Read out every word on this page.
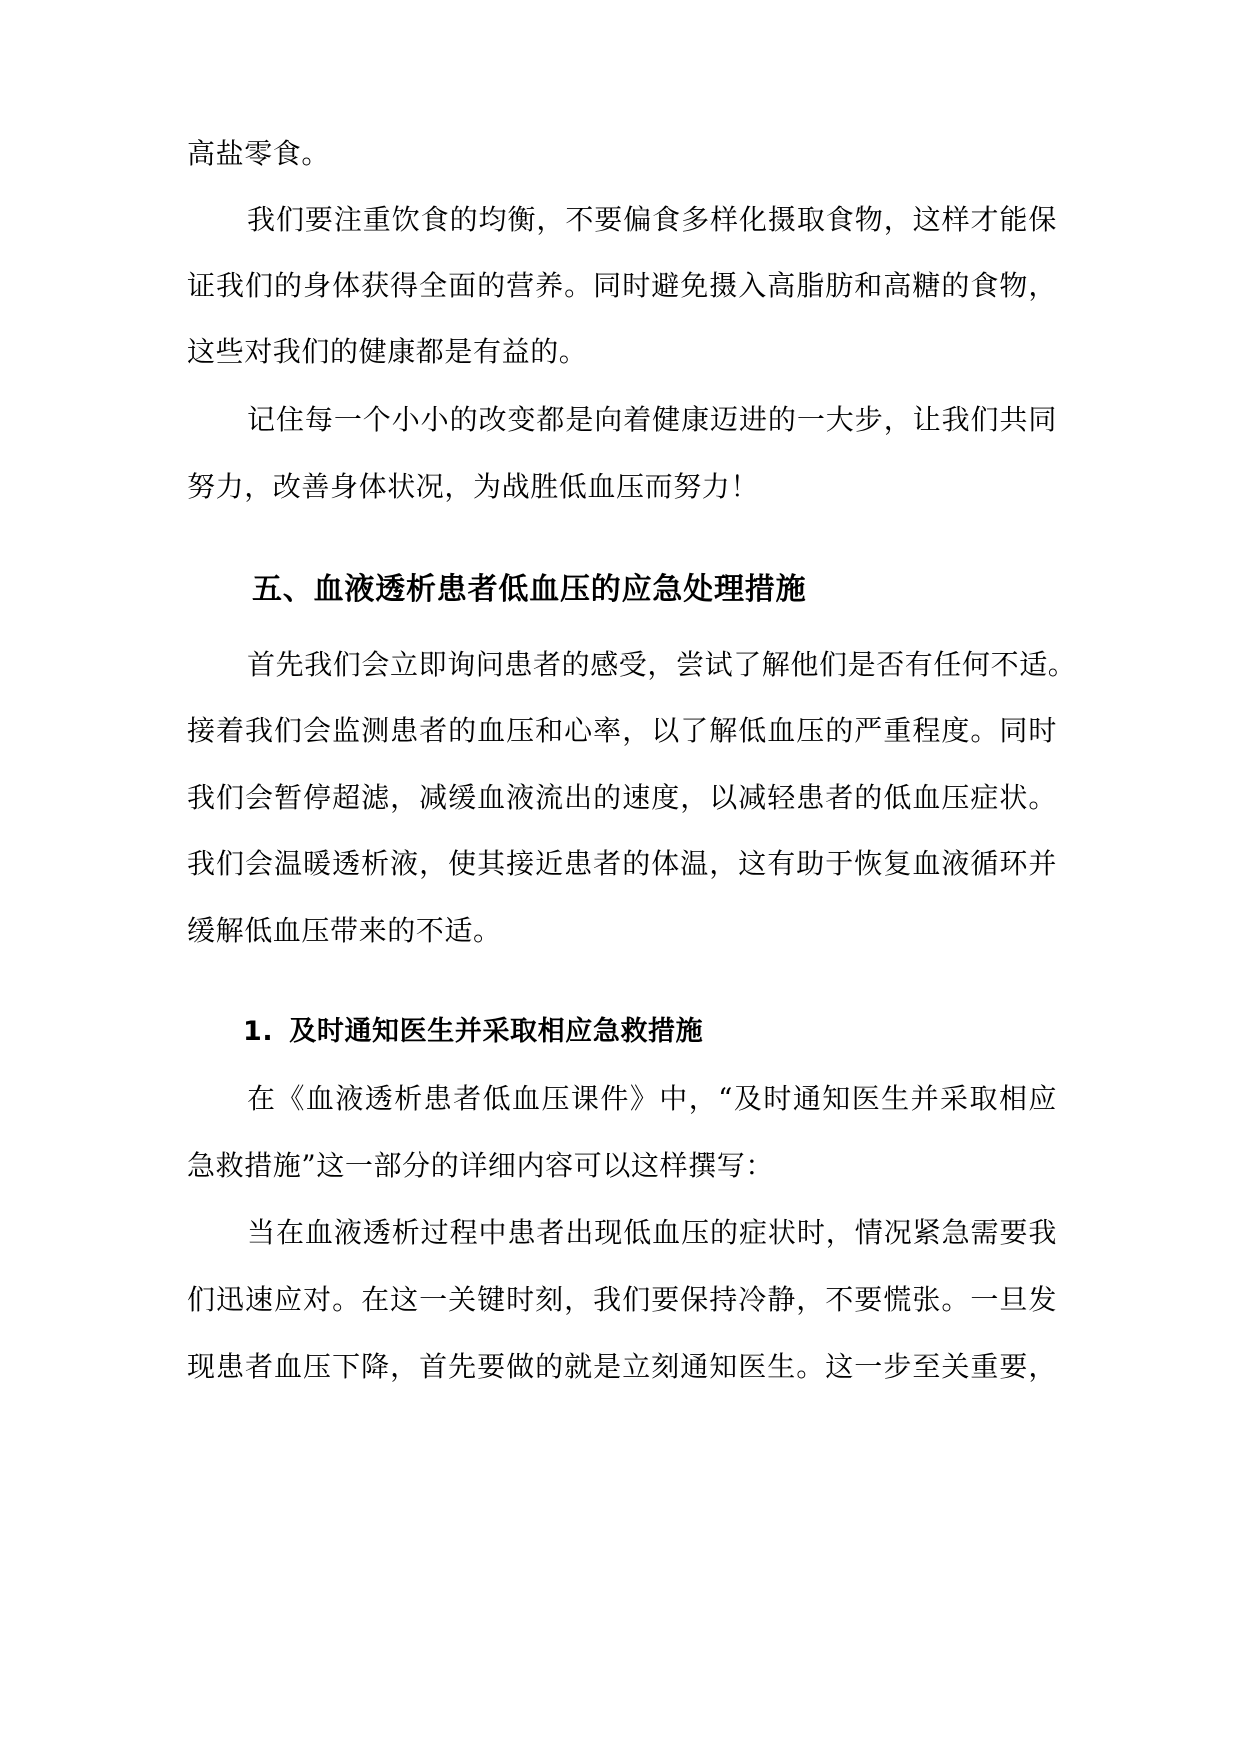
高盐零食。
我们要注重饮食的均衡，不要偏食多样化摄取食物，这样才能保
证我们的身体获得全面的营养。同时避免摄入高脂肪和高糖的食物，
这些对我们的健康都是有益的。
记住每一个小小的改变都是向着健康迈进的一大步，让我们共同
努力，改善身体状况，为战胜低血压而努力！
五、血液透析患者低血压的应急处理措施
首先我们会立即询问患者的感受，尝试了解他们是否有任何不适。
接着我们会监测患者的血压和心率，以了解低血压的严重程度。同时
我们会暂停超滤，减缓血液流出的速度，以减轻患者的低血压症状。
我们会温暖透析液，使其接近患者的体温，这有助于恢复血液循环并
缓解低血压带来的不适。
1. 及时通知医生并采取相应急救措施
在《血液透析患者低血压课件》中，“及时通知医生并采取相应
急救措施”这一部分的详细内容可以这样撰写：
当在血液透析过程中患者出现低血压的症状时，情况紧急需要我
们迅速应对。在这一关键时刻，我们要保持冷静，不要慌张。一旦发
现患者血压下降，首先要做的就是立刻通知医生。这一步至关重要，
